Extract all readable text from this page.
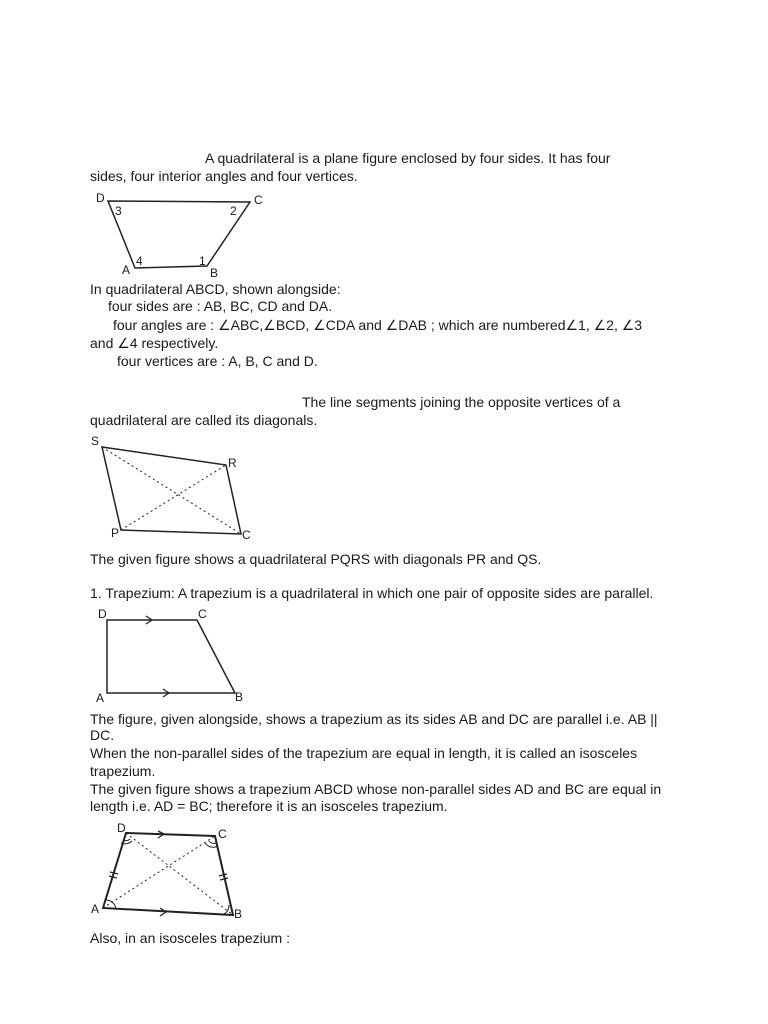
A quadrilateral is a plane figure enclosed by four sides. It has four

sides, four interior angles and four vertices.

D	C
A	B
3	2
4	1

In quadrilateral ABCD, shown alongside:

four sides are : AB, BC, CD and DA.

four angles are : ∠ABC,∠BCD, ∠CDA and ∠DAB ; which are numbered∠1, ∠2, ∠3

and ∠4 respectively.

four vertices are : A, B, C and D.

The line segments joining the opposite vertices of a

quadrilateral are called its diagonals.

S
R
P	C

The given figure shows a quadrilateral PQRS with diagonals PR and QS.

1. Trapezium: A trapezium is a quadrilateral in which one pair of opposite sides are parallel.

D	C
A	B

The figure, given alongside, shows a trapezium as its sides AB and DC are parallel i.e. AB ||

DC.

When the non-parallel sides of the trapezium are equal in length, it is called an isosceles

trapezium.

The given figure shows a trapezium ABCD whose non-parallel sides AD and BC are equal in

length i.e. AD = BC; therefore it is an isosceles trapezium.

D	C
A	B

Also, in an isosceles trapezium :
